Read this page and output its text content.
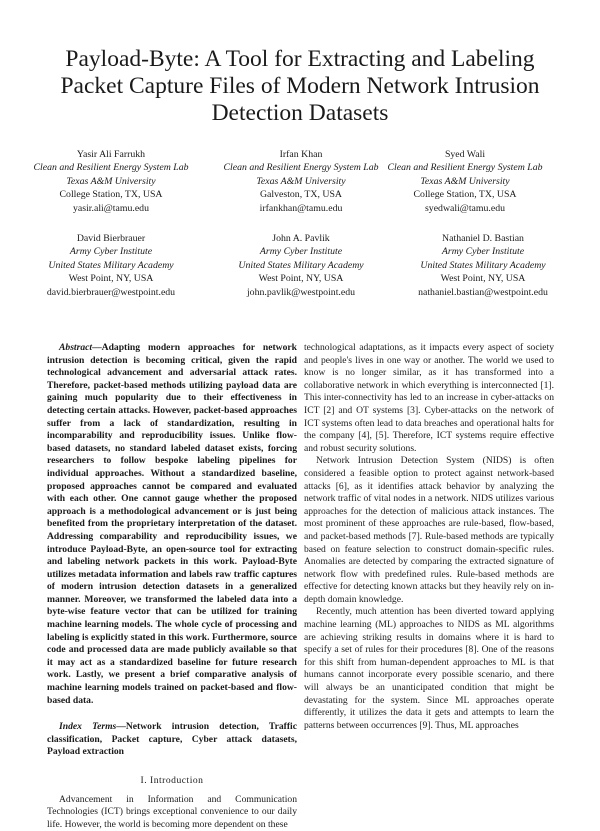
Payload-Byte: A Tool for Extracting and Labeling
Packet Capture Files of Modern Network Intrusion
Detection Datasets
Yasir Ali Farrukh
Clean and Resilient Energy System Lab
Texas A&M University
College Station, TX, USA
yasir.ali@tamu.edu
Irfan Khan
Clean and Resilient Energy System Lab
Texas A&M University
Galveston, TX, USA
irfankhan@tamu.edu
Syed Wali
Clean and Resilient Energy System Lab
Texas A&M University
College Station, TX, USA
syedwali@tamu.edu
David Bierbrauer
Army Cyber Institute
United States Military Academy
West Point, NY, USA
david.bierbrauer@westpoint.edu
John A. Pavlik
Army Cyber Institute
United States Military Academy
West Point, NY, USA
john.pavlik@westpoint.edu
Nathaniel D. Bastian
Army Cyber Institute
United States Military Academy
West Point, NY, USA
nathaniel.bastian@westpoint.edu

Abstract—Adapting modern approaches for network intrusion detection is becoming critical, given the rapid technological advancement and adversarial attack rates. Therefore, packet-based methods utilizing payload data are gaining much popularity due to their effectiveness in detecting certain attacks. However, packet-based approaches suffer from a lack of standardization, resulting in incomparability and reproducibility issues. Unlike flow-based datasets, no standard labeled dataset exists, forcing researchers to follow bespoke labeling pipelines for individual approaches. Without a standardized baseline, proposed approaches cannot be compared and evaluated with each other. One cannot gauge whether the proposed approach is a methodological advancement or is just being benefited from the proprietary interpretation of the dataset. Addressing comparability and reproducibility issues, we introduce Payload-Byte, an open-source tool for extracting and labeling network packets in this work. Payload-Byte utilizes metadata information and labels raw traffic captures of modern intrusion detection datasets in a generalized manner. Moreover, we transformed the labeled data into a byte-wise feature vector that can be utilized for training machine learning models. The whole cycle of processing and labeling is explicitly stated in this work. Furthermore, source code and processed data are made publicly available so that it may act as a standardized baseline for future research work. Lastly, we present a brief comparative analysis of machine learning models trained on packet-based and flow-based data.

Index Terms—Network intrusion detection, Traffic classification, Packet capture, Cyber attack datasets, Payload extraction

I. Introduction

Advancement in Information and Communication Technologies (ICT) brings exceptional convenience to our daily life. However, the world is becoming more dependent on these

technological adaptations, as it impacts every aspect of society and people's lives in one way or another. The world we used to know is no longer similar, as it has transformed into a collaborative network in which everything is interconnected [1]. This inter-connectivity has led to an increase in cyber-attacks on ICT [2] and OT systems [3]. Cyber-attacks on the network of ICT systems often lead to data breaches and operational halts for the company [4], [5]. Therefore, ICT systems require effective and robust security solutions.

Network Intrusion Detection System (NIDS) is often considered a feasible option to protect against network-based attacks [6], as it identifies attack behavior by analyzing the network traffic of vital nodes in a network. NIDS utilizes various approaches for the detection of malicious attack instances. The most prominent of these approaches are rule-based, flow-based, and packet-based methods [7]. Rule-based methods are typically based on feature selection to construct domain-specific rules. Anomalies are detected by comparing the extracted signature of network flow with predefined rules. Rule-based methods are effective for detecting known attacks but they heavily rely on in-depth domain knowledge.

Recently, much attention has been diverted toward applying machine learning (ML) approaches to NIDS as ML algorithms are achieving striking results in domains where it is hard to specify a set of rules for their procedures [8]. One of the reasons for this shift from human-dependent approaches to ML is that humans cannot incorporate every possible scenario, and there will always be an unanticipated condition that might be devastating for the system. Since ML approaches operate differently, it utilizes the data it gets and attempts to learn the patterns between occurrences [9]. Thus, ML approaches
